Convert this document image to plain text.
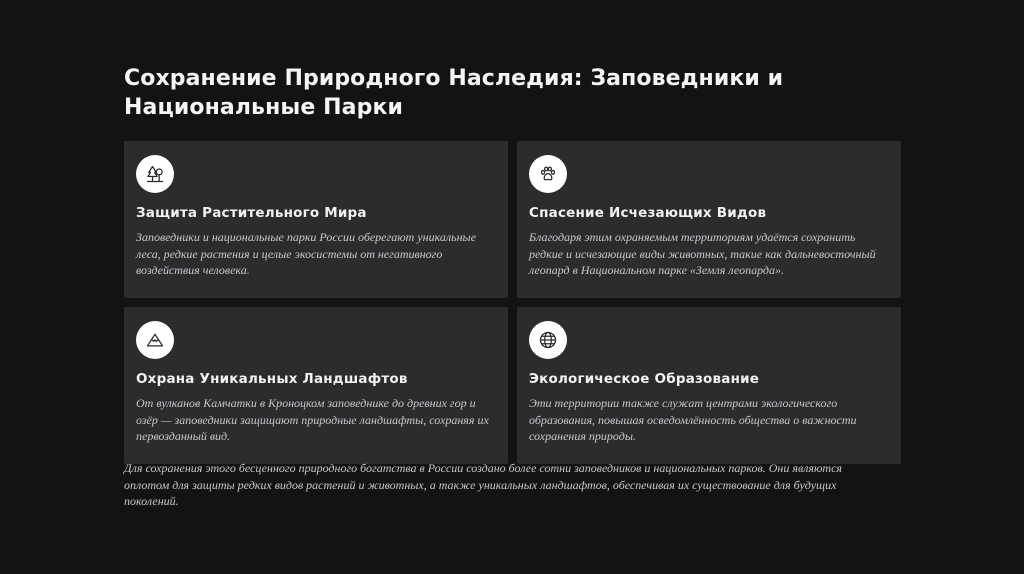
Сохранение Природного Наследия: Заповедники и Национальные Парки
Защита Растительного Мира

Заповедники и национальные парки России оберегают уникальные леса, редкие растения и целые экосистемы от негативного воздействия человека.

Спасение Исчезающих Видов

Благодаря этим охраняемым территориям удаётся сохранить редкие и исчезающие виды животных, такие как дальневосточный леопард в Национальном парке «Земля леопарда».

Охрана Уникальных Ландшафтов

От вулканов Камчатки в Кроноцком заповеднике до древних гор и озёр — заповедники защищают природные ландшафты, сохраняя их первозданный вид.

Экологическое Образование

Эти территории также служат центрами экологического образования, повышая осведомлённость общества о важности сохранения природы.

Для сохранения этого бесценного природного богатства в России создано более сотни заповедников и национальных парков. Они являются оплотом для защиты редких видов растений и животных, а также уникальных ландшафтов, обеспечивая их существование для будущих поколений.
